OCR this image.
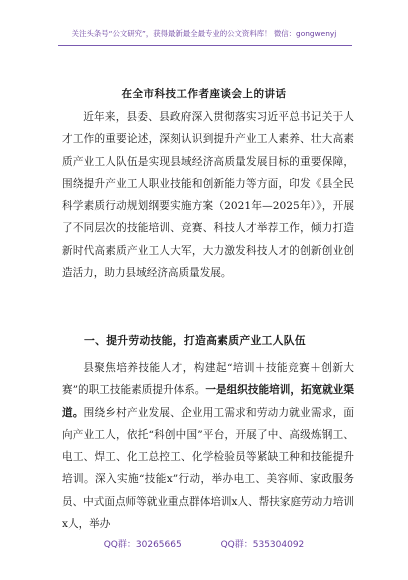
关注头条号“公文研究”，获得最新最全最专业的公文资料库！ 微信：gongwenyj
在全市科技工作者座谈会上的讲话

近年来，县委、县政府深入贯彻落实习近平总书记关于人才工作的重要论述，深刻认识到提升产业工人素养、壮大高素质产业工人队伍是实现县域经济高质量发展目标的重要保障，围绕提升产业工人职业技能和创新能力等方面，印发《县全民科学素质行动规划纲要实施方案（2021年—2025年）》，开展了不同层次的技能培训、竞赛、科技人才举荐工作，倾力打造新时代高素质产业工人大军，大力激发科技人才的创新创业创造活力，助力县域经济高质量发展。

一、提升劳动技能，打造高素质产业工人队伍

县聚焦培养技能人才，构建起“培训＋技能竞赛＋创新大赛”的职工技能素质提升体系。一是组织技能培训，拓宽就业渠道。围绕乡村产业发展、企业用工需求和劳动力就业需求，面向产业工人，依托“科创中国”平台，开展了中、高级炼钢工、电工、焊工、化工总控工、化学检验员等紧缺工种和技能提升培训。深入实施“技能x”行动，举办电工、美容师、家政服务员、中式面点师等就业重点群体培训x人、帮扶家庭劳动力培训x人，举办

QQ群：30265665	QQ群：535304092
